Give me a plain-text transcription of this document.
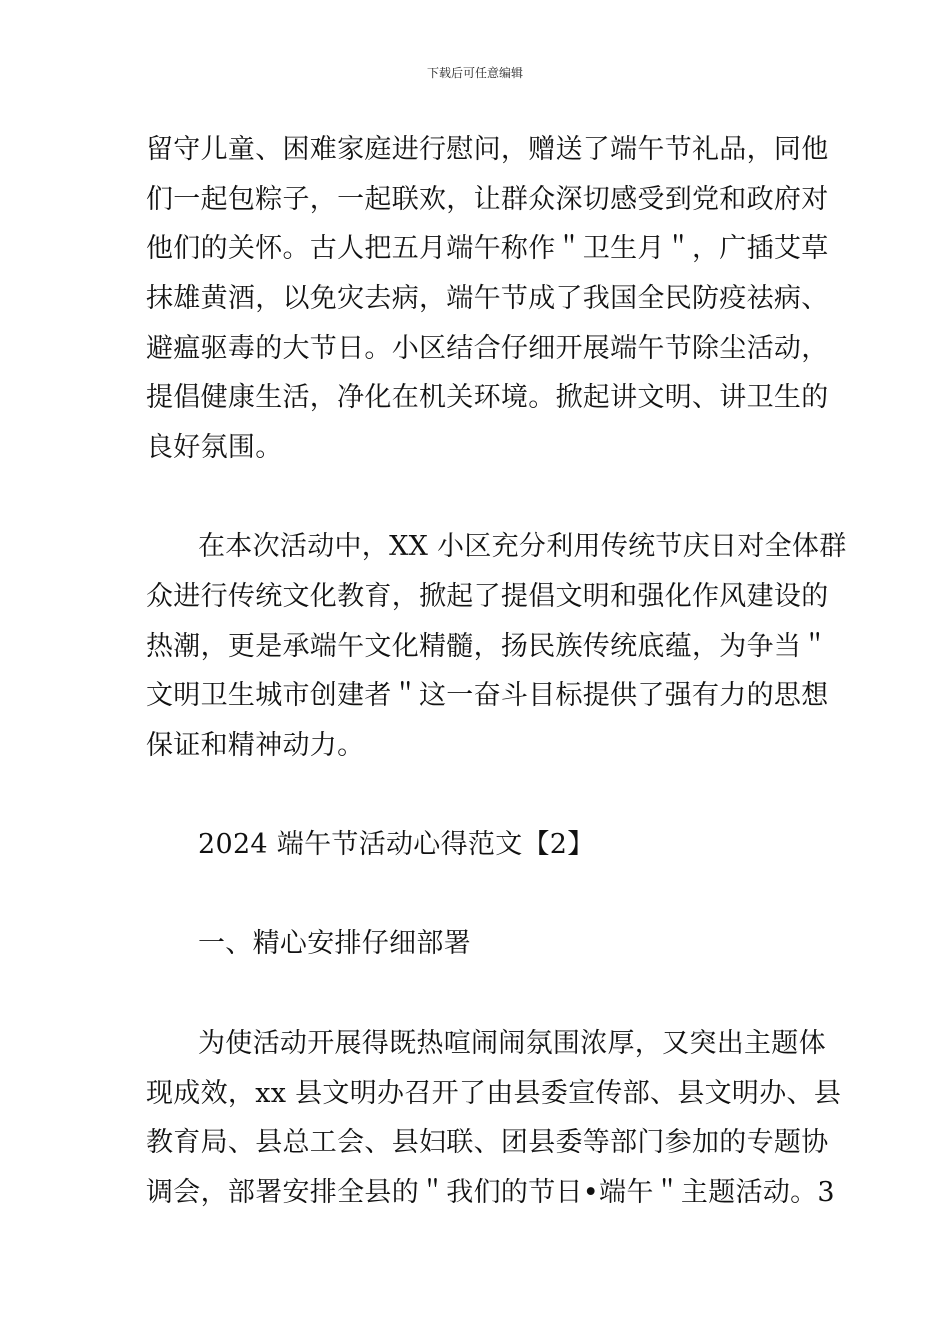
下载后可任意编辑
留守儿童、困难家庭进行慰问，赠送了端午节礼品，同他
们一起包粽子，一起联欢，让群众深切感受到党和政府对
他们的关怀。古人把五月端午称作＂卫生月＂，广插艾草
抹雄黄酒，以免灾去病，端午节成了我国全民防疫祛病、
避瘟驱毒的大节日。小区结合仔细开展端午节除尘活动，
提倡健康生活，净化在机关环境。掀起讲文明、讲卫生的
良好氛围。
在本次活动中，XX 小区充分利用传统节庆日对全体群
众进行传统文化教育，掀起了提倡文明和强化作风建设的
热潮，更是承端午文化精髓，扬民族传统底蕴，为争当＂
文明卫生城市创建者＂这一奋斗目标提供了强有力的思想
保证和精神动力。
2024 端午节活动心得范文【2】
一、精心安排仔细部署
为使活动开展得既热喧闹闹氛围浓厚，又突出主题体
现成效，xx 县文明办召开了由县委宣传部、县文明办、县
教育局、县总工会、县妇联、团县委等部门参加的专题协
调会，部署安排全县的＂我们的节日•端午＂主题活动。3
